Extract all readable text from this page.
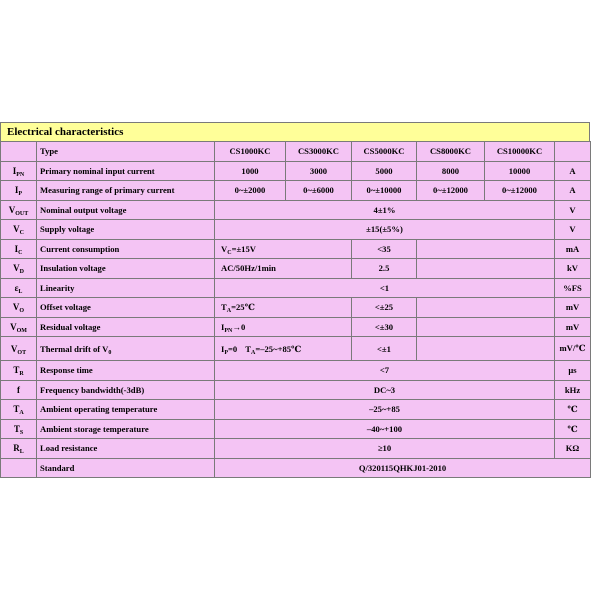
Electrical characteristics
	Type	CS1000KC	CS3000KC	CS5000KC	CS8000KC	CS10000KC	
$I_{PN}$	Primary nominal input current	1000	3000	5000	8000	10000	A
$I_P$	Measuring range of primary current	0~±2000	0~±6000	0~±10000	0~±12000	0~±12000	A
$V_{OUT}$	Nominal output voltage	4±1%					V
$V_C$	Supply voltage	±15(±5%)					V
$I_C$	Current consumption	$V_C=\pm 15V$		<35			mA
$V_D$	Insulation voltage	AC/50Hz/1min		2.5			kV
$\varepsilon_L$	Linearity	<1					%FS
$V_O$	Offset voltage	$T_A=25℃$		<±25			mV
$V_{OM}$	Residual voltage	$I_{PN}\to 0$		<±30			mV
$V_{OT}$	Thermal drift of $V_0$	$I_P=0$ $T_A=-25\sim+85℃$		<±1			mV/℃
$T_R$	Response time	<7					μs
f	Frequency bandwidth(-3dB)	DC~3					kHz
$T_A$	Ambient operating temperature	–25~+85					℃
$T_S$	Ambient storage temperature	–40~+100					℃
$R_L$	Load resistance	≥10					KΩ
	Standard	Q/320115QHKJ01-2010					
